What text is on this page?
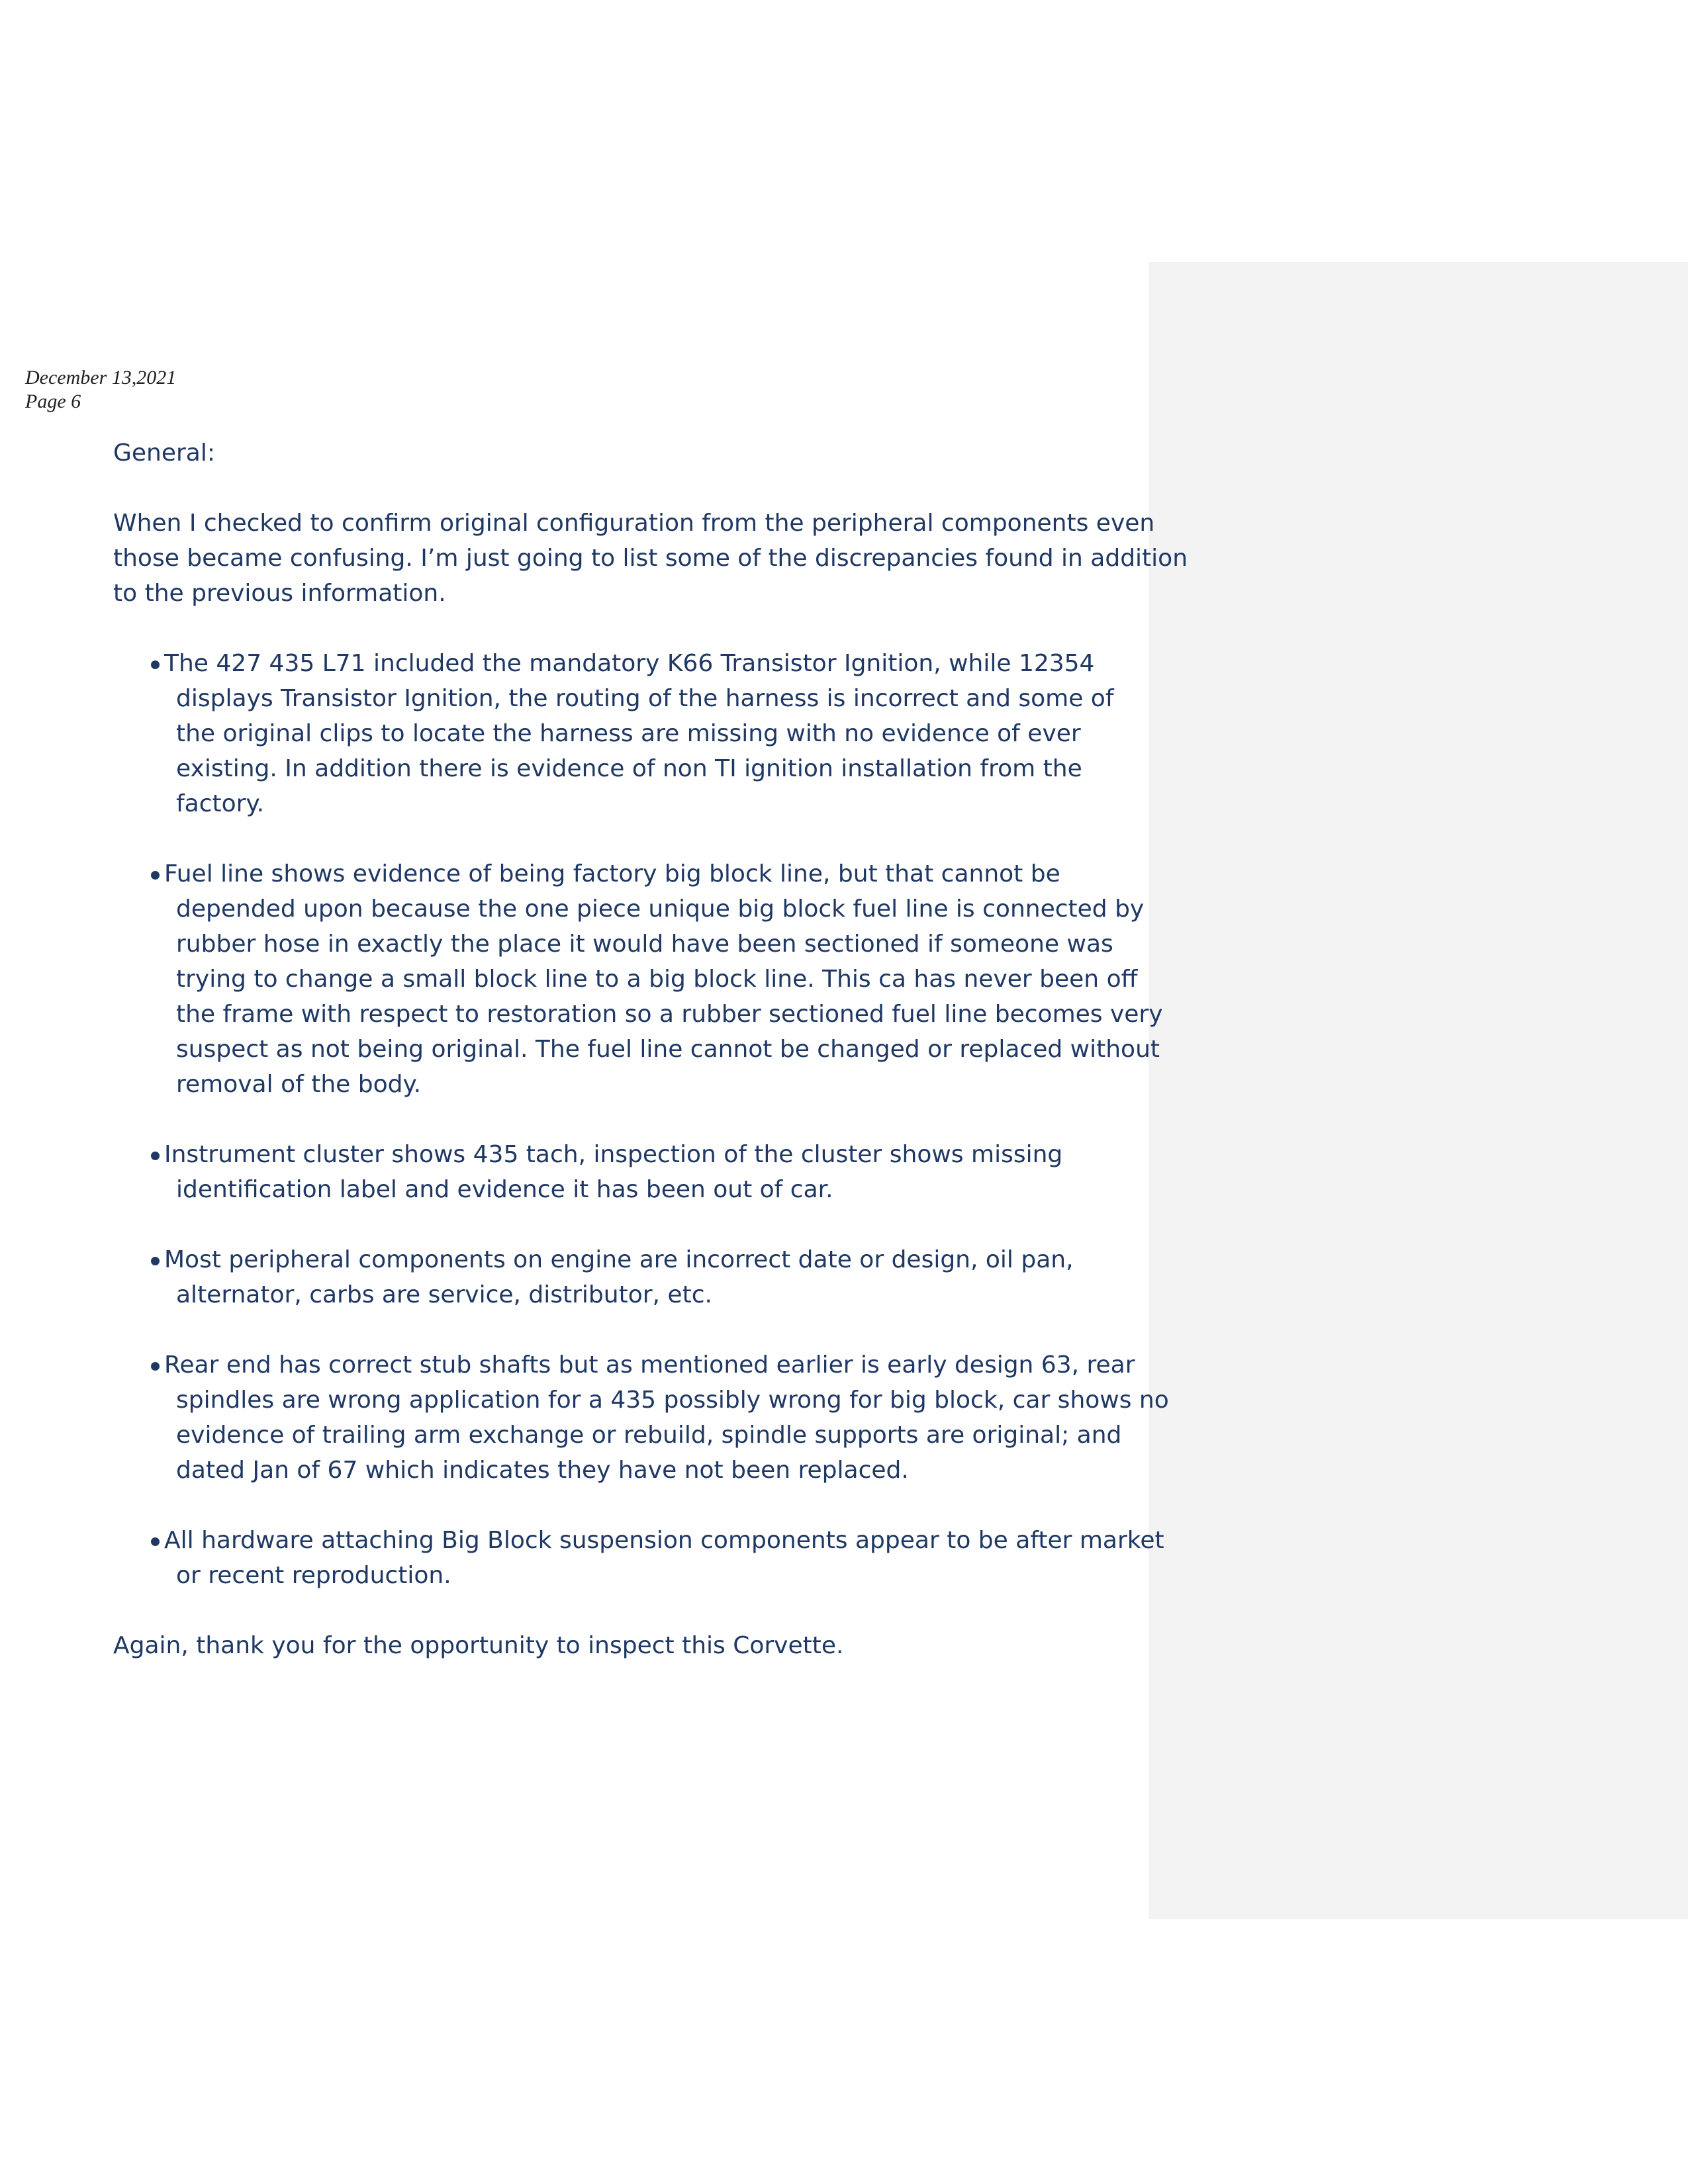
December 13,2021
Page 6

General:

When I checked to confirm original configuration from the peripheral components even
those became confusing. I’m just going to list some of the discrepancies found in addition
to the previous information.
The 427 435 L71 included the mandatory K66 Transistor Ignition, while 12354
displays Transistor Ignition, the routing of the harness is incorrect and some of
the original clips to locate the harness are missing with no evidence of ever
existing. In addition there is evidence of non TI ignition installation from the
factory.
Fuel line shows evidence of being factory big block line, but that cannot be
depended upon because the one piece unique big block fuel line is connected by
rubber hose in exactly the place it would have been sectioned if someone was
trying to change a small block line to a big block line. This ca has never been off
the frame with respect to restoration so a rubber sectioned fuel line becomes very
suspect as not being original. The fuel line cannot be changed or replaced without
removal of the body.
Instrument cluster shows 435 tach, inspection of the cluster shows missing
identification label and evidence it has been out of car.
Most peripheral components on engine are incorrect date or design, oil pan,
alternator, carbs are service, distributor, etc.
Rear end has correct stub shafts but as mentioned earlier is early design 63, rear
spindles are wrong application for a 435 possibly wrong for big block, car shows no
evidence of trailing arm exchange or rebuild, spindle supports are original; and
dated Jan of 67 which indicates they have not been replaced.
All hardware attaching Big Block suspension components appear to be after market
or recent reproduction.

Again, thank you for the opportunity to inspect this Corvette.
